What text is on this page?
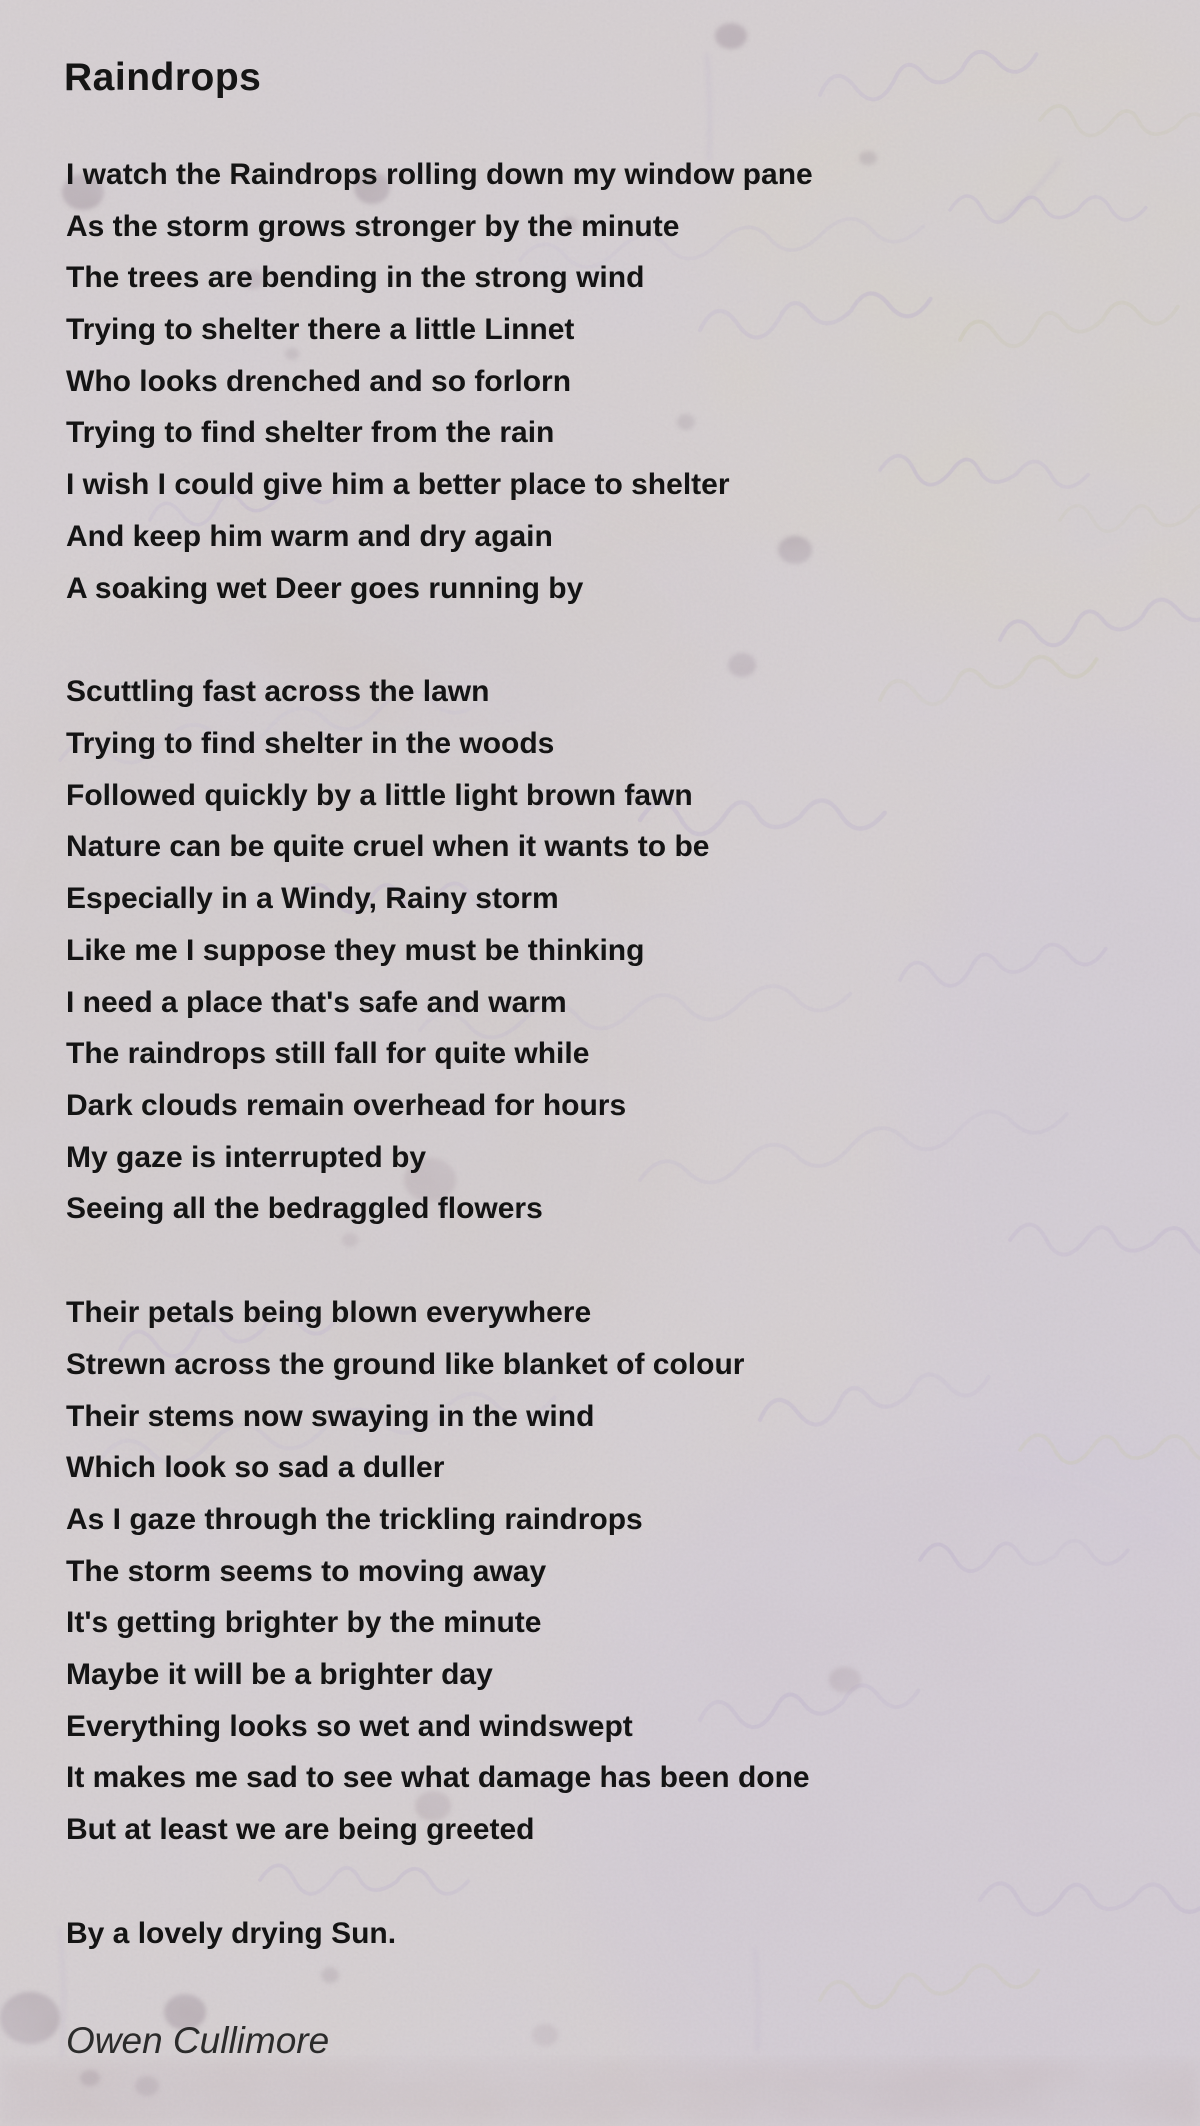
Raindrops
I watch the Raindrops rolling down my window pane
As the storm grows stronger by the minute
The trees are bending in the strong wind
Trying to shelter there a little Linnet
Who looks drenched and so forlorn
Trying to find shelter from the rain
I wish I could give him a better place to shelter
And keep him warm and dry again
A soaking wet Deer goes running by
Scuttling fast across the lawn
Trying to find shelter in the woods
Followed quickly by a little light brown fawn
Nature can be quite cruel when it wants to be
Especially in a Windy, Rainy storm
Like me I suppose they must be thinking
I need a place that's safe and warm
The raindrops still fall for quite while
Dark clouds remain overhead for hours
My gaze is interrupted by
Seeing all the bedraggled flowers
Their petals being blown everywhere
Strewn across the ground like blanket of colour
Their stems now swaying in the wind
Which look so sad a duller
As I gaze through the trickling raindrops
The storm seems to moving away
It's getting brighter by the minute
Maybe it will be a brighter day
Everything looks so wet and windswept
It makes me sad to see what damage has been done
But at least we are being greeted
By a lovely drying Sun.
Owen Cullimore
